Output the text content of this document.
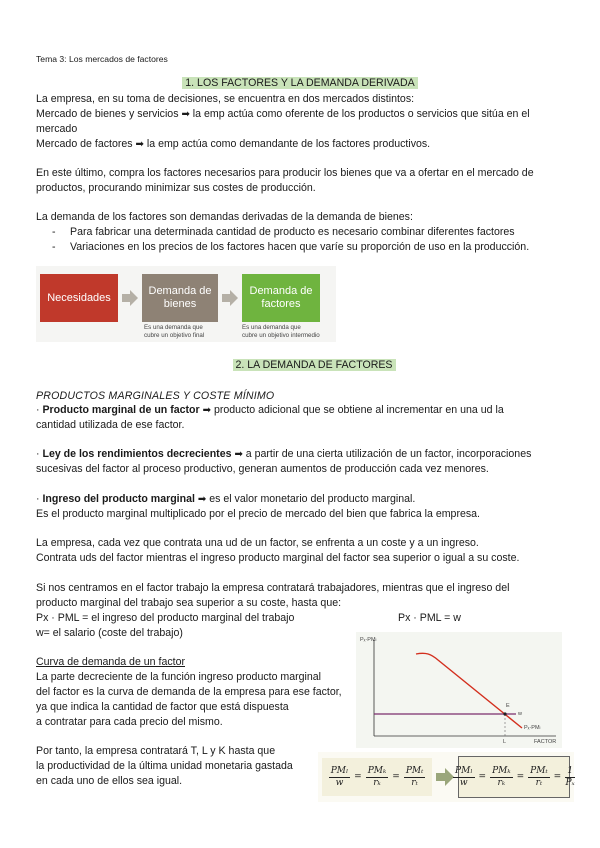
Tema 3: Los mercados de factores
1. LOS FACTORES Y LA DEMANDA DERIVADA
La empresa, en su toma de decisiones, se encuentra en dos mercados distintos:
Mercado de bienes y servicios ➡ la emp actúa como oferente de los productos o servicios que sitúa en el
mercado
Mercado de factores ➡ la emp actúa como demandante de los factores productivos.
En este último, compra los factores necesarios para producir los bienes que va a ofertar en el mercado de
productos, procurando minimizar sus costes de producción.
La demanda de los factores son demandas derivadas de la demanda de bienes:
- Para fabricar una determinada cantidad de producto es necesario combinar diferentes factores
- Variaciones en los precios de los factores hacen que varíe su proporción de uso en la producción.
Necesidades
Demanda de
bienes
Demanda de
factores
Es una demanda que
cubre un objetivo final
Es una demanda que
cubre un objetivo intermedio
2. LA DEMANDA DE FACTORES
PRODUCTOS MARGINALES Y COSTE MÍNIMO
· Producto marginal de un factor ➡ producto adicional que se obtiene al incrementar en una ud la
cantidad utilizada de ese factor.
· Ley de los rendimientos decrecientes ➡ a partir de una cierta utilización de un factor, incorporaciones
sucesivas del factor al proceso productivo, generan aumentos de producción cada vez menores.
· Ingreso del producto marginal ➡ es el valor monetario del producto marginal.
Es el producto marginal multiplicado por el precio de mercado del bien que fabrica la empresa.
La empresa, cada vez que contrata una ud de un factor, se enfrenta a un coste y a un ingreso.
Contrata uds del factor mientras el ingreso producto marginal del factor sea superior o igual a su coste.
Si nos centramos en el factor trabajo la empresa contratará trabajadores, mientras que el ingreso del
producto marginal del trabajo sea superior a su coste, hasta que:
Px · PML = el ingreso del producto marginal del trabajo	Px · PML = w
w= el salario (coste del trabajo)
Curva de demanda de un factor
La parte decreciente de la función ingreso producto marginal
del factor es la curva de demanda de la empresa para ese factor,
ya que indica la cantidad de factor que está dispuesta
a contratar para cada precio del mismo.
Pₓ·PMₗ
E
w
Pₓ·PMₗ
L	FACTOR
Por tanto, la empresa contratará T, L y K hasta que
la productividad de la última unidad monetaria gastada
en cada uno de ellos sea igual.	$\frac{\text{PMₗ}}{w} = \frac{\text{PMₖ}}{\text{rₖ}} = \frac{\text{PMₜ}}{\text{rₜ}}$	$\frac{\text{PMₗ}}{w} = \frac{\text{PMₖ}}{\text{rₖ}} = \frac{\text{PMₜ}}{\text{rₜ}} = \frac{1}{\text{Pₓ}}$
